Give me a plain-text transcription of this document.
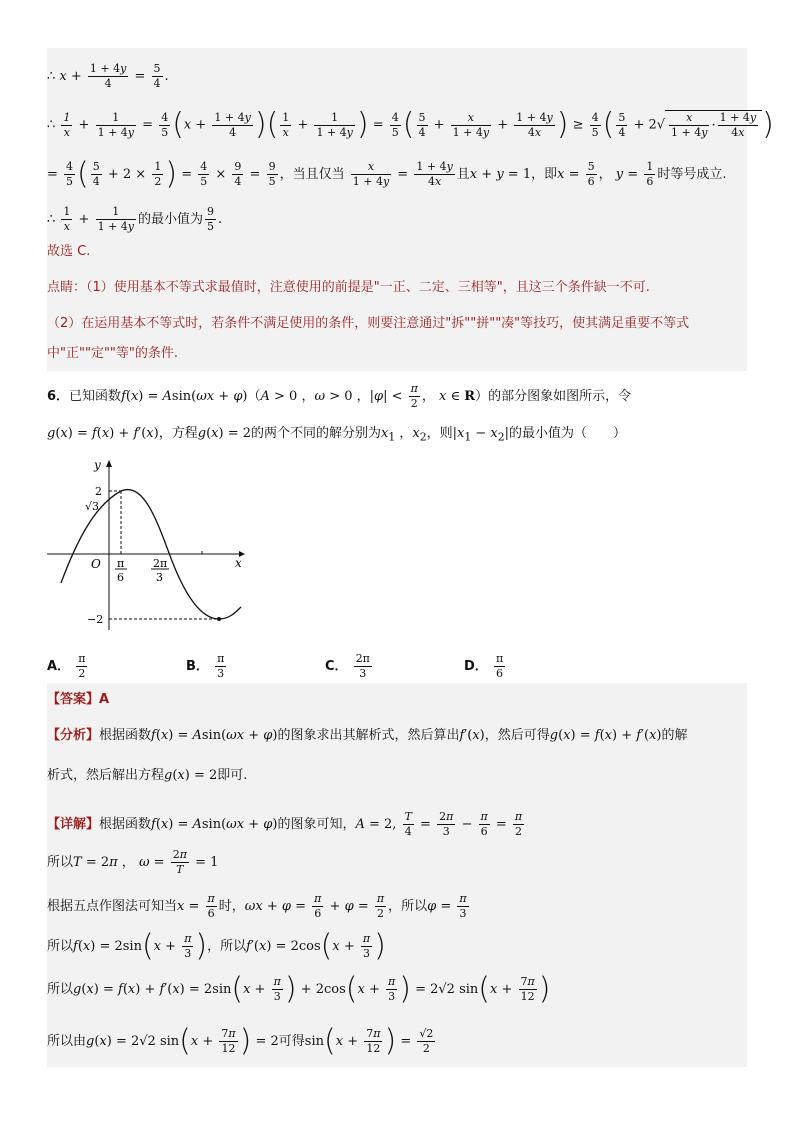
∴ $x + \frac{1 + 4y}{4} = \frac{5}{4}$ .
∴ $\frac{1}{x} + \frac{1}{1 + 4y} = \frac{4}{5} (x + \frac{1 + 4y}{4}$ )( $\frac{1}{x} + \frac{1}{1 + 4y}$ ) = $\frac{4}{5}$ ( $\frac{5}{4} + \frac{x}{1 + 4y} + \frac{1 + 4y}{4x}$ ) ≥ $\frac{4}{5}$ ( $\frac{5}{4} + 2√ \frac{x}{1 + 4y} \cdot \frac{1 + 4y}{4x}$ )
= $\frac{4}{5}$ ( $\frac{5}{4} + 2 \times \frac{1}{2}$ ) = $\frac{4}{5} \times \frac{9}{4} = \frac{9}{5}$ ，当且仅当 $\frac{x}{1 + 4y} = \frac{1 + 4y}{4x}$ 且x + y = 1，即$x = \frac{5}{6}$ ， $y = \frac{1}{6}$ 时等号成立.
∴ $\frac{1}{x} + \frac{1}{1 + 4y}$ 的最小值为 $\frac{9}{5}$ .
故选 C.
点睛：（1）使用基本不等式求最值时，注意使用的前提是"一正、二定、三相等"，且这三个条件缺一不可.
（2）在运用基本不等式时，若条件不满足使用的条件，则要注意通过"拆""拼""凑"等技巧，使其满足重要不等式
中"正""定""等"的条件.
6．已知函数f(x) = Asin(ωx + φ)（A > 0 ，ω > 0 ，$|\varphi| < \frac{\pi}{2}$ ， x ∈ R）的部分图象如图所示，令
g(x) = f(x) + f′(x)，方程g(x) = 2的两个不同的解分别为$x_1$ ，$x_2$，则$|x_1 - x_2|$的最小值为（　　）
y
x
O
2
√3
−2
π
6
2π
3
A． $\frac{\pi}{2}$	B． $\frac{\pi}{3}$	C． $\frac{2\pi}{3}$	D． $\frac{\pi}{6}$
【答案】A
【分析】根据函数f(x) = Asin(ωx + φ)的图象求出其解析式，然后算出f′(x)，然后可得g(x) = f(x) + f′(x)的解
析式，然后解出方程g(x) = 2即可.
【详解】根据函数f(x) = Asin(ωx + φ)的图象可知，A = 2, $\frac{T}{4} = \frac{2\pi}{3} - \frac{\pi}{6} = \frac{\pi}{2}$
所以T = 2π ， $\omega = \frac{2\pi}{T} = 1$
根据五点作图法可知当$x = \frac{\pi}{6}$ 时，$\omega x + \varphi = \frac{\pi}{6} + \varphi = \frac{\pi}{2}$ ，所以$\varphi = \frac{\pi}{3}$
所以$f(x) = 2\sin(x + \frac{\pi}{3}$ )，所以$f'(x) = 2\cos(x + \frac{\pi}{3}$ )
所以$g(x) = f(x) + f'(x) = 2\sin(x + \frac{\pi}{3}$ ) + $2\cos(x + \frac{\pi}{3}$ ) = 2√2 $\sin(x + \frac{7\pi}{12}$ )
所以由g(x) = 2√2 $\sin(x + \frac{7\pi}{12}$ ) = 2可得$\sin(x + \frac{7\pi}{12}$ ) = $\frac{√2}{2}$
